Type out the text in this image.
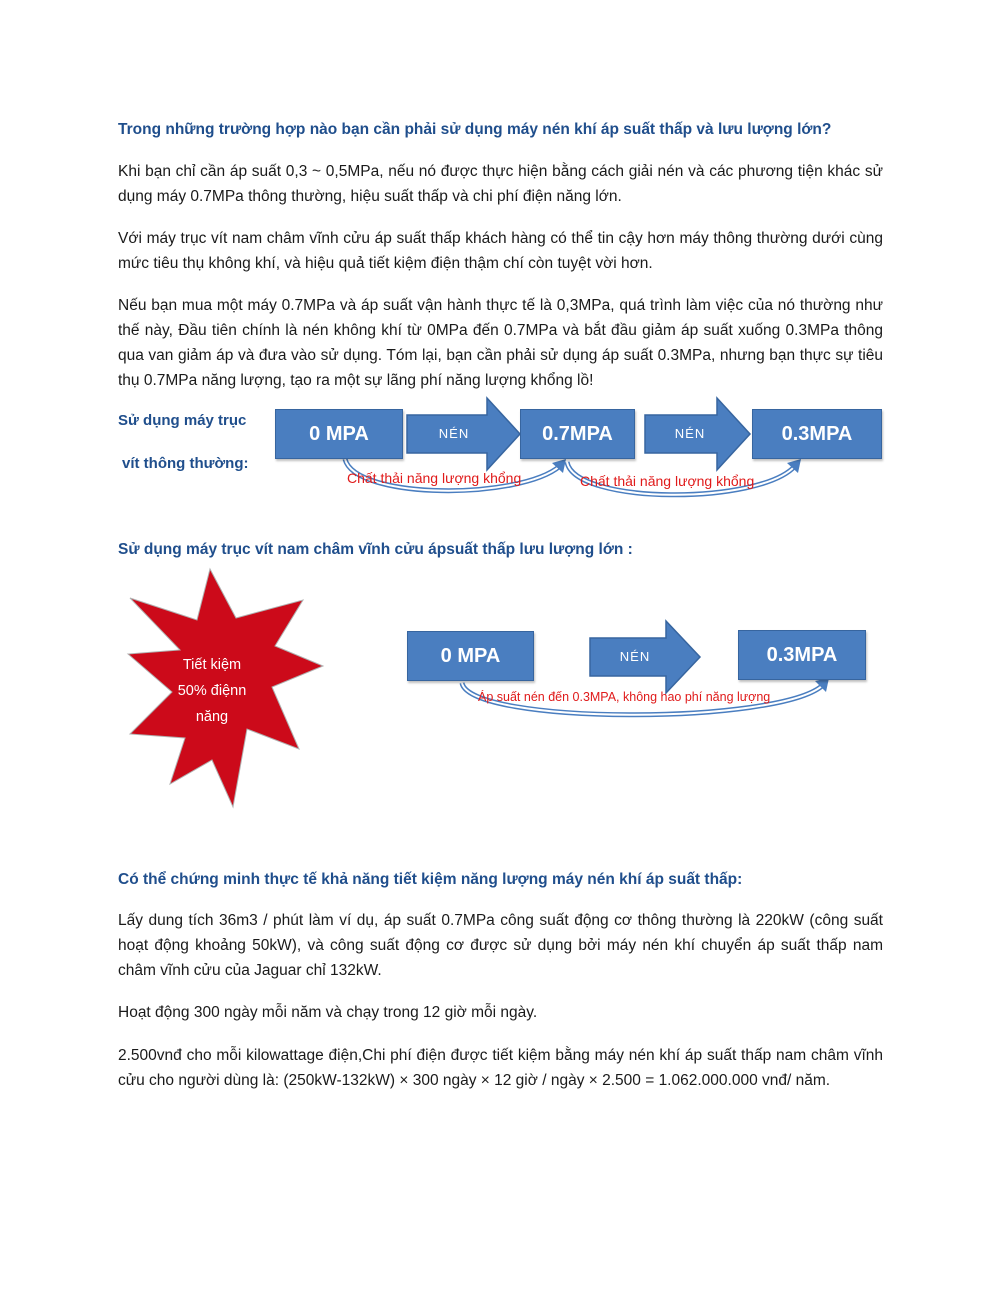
Trong những trường hợp nào bạn cần phải sử dụng máy nén khí áp suất thấp và lưu lượng lớn?
Khi bạn chỉ cần áp suất 0,3 ~ 0,5MPa, nếu nó được thực hiện bằng cách giải nén và các phương tiện khác sử dụng máy 0.7MPa thông thường, hiệu suất thấp và chi phí điện năng lớn.
Với máy trục vít nam châm vĩnh cửu áp suất thấp khách hàng có thể tin cậy hơn máy thông thường dưới cùng mức tiêu thụ không khí, và hiệu quả tiết kiệm điện thậm chí còn tuyệt vời hơn.
Nếu bạn mua một máy 0.7MPa và áp suất vận hành thực tế là 0,3MPa, quá trình làm việc của nó thường như thế này, Đầu tiên chính là nén không khí từ 0MPa đến 0.7MPa và bắt đầu giảm áp suất xuống 0.3MPa thông qua van giảm áp và đưa vào sử dụng. Tóm lại, bạn cần phải sử dụng áp suất 0.3MPa, nhưng bạn thực sự tiêu thụ 0.7MPa năng lượng, tạo ra một sự lãng phí năng lượng khổng lồ!
Sử dụng máy trục
vít thông thường:
0 MPA	NÉN	0.7MPA	NÉN	0.3MPA
Chất thải năng lượng khổng	Chất thải năng lượng khổng
Sử dụng máy trục vít nam châm vĩnh cửu ápsuất thấp lưu lượng lớn :
Tiết kiệm
50% điệnn
năng
0 MPA	NÉN	0.3MPA
Áp suất nén đến 0.3MPA, không hao phí năng lượng
Có thể chứng minh thực tế khả năng tiết kiệm năng lượng máy nén khí áp suất thấp:
Lấy dung tích 36m3 / phút làm ví dụ, áp suất 0.7MPa công suất động cơ thông thường là 220kW (công suất hoạt động khoảng 50kW), và công suất động cơ được sử dụng bởi máy nén khí chuyển áp suất thấp nam châm vĩnh cửu của Jaguar chỉ 132kW.
Hoạt động 300 ngày mỗi năm và chạy trong 12 giờ mỗi ngày.
2.500vnđ cho mỗi kilowattage điện,Chi phí điện được tiết kiệm bằng máy nén khí áp suất thấp nam châm vĩnh cửu cho người dùng là: (250kW-132kW) × 300 ngày × 12 giờ / ngày × 2.500 = 1.062.000.000 vnđ/ năm.
